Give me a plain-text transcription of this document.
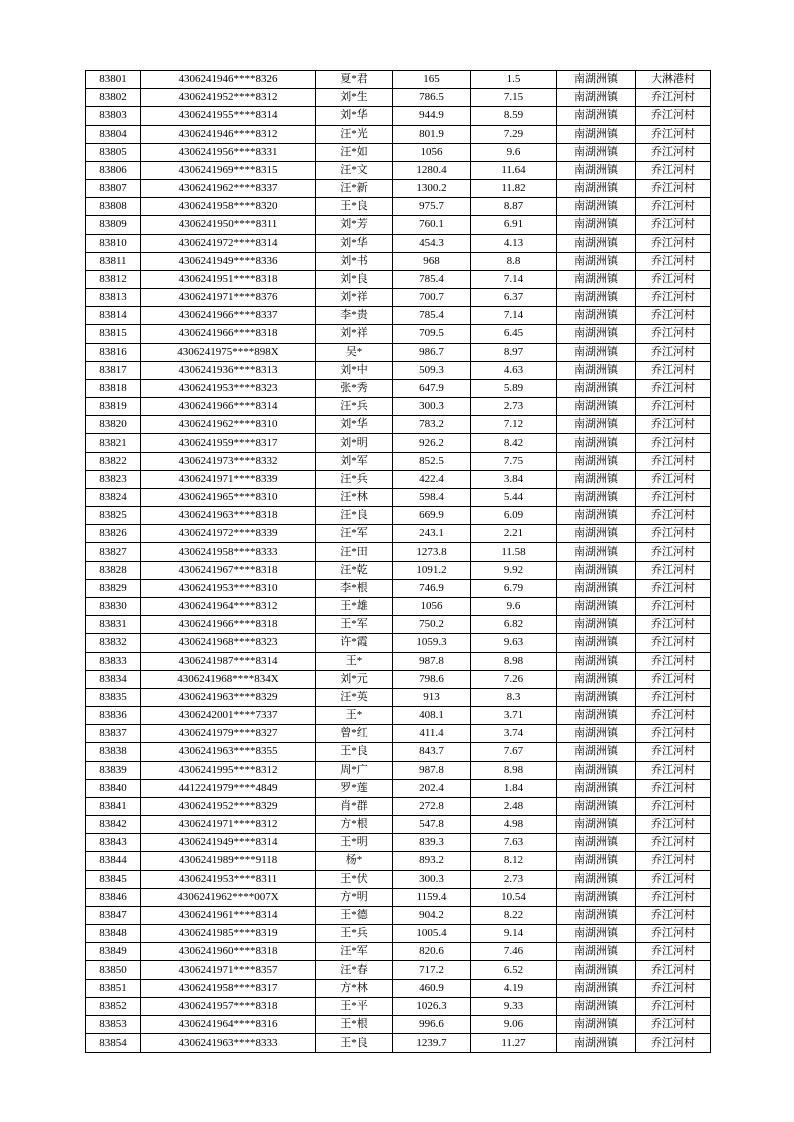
83801	4306241946****8326	夏*君	165	1.5	南湖洲镇	大淋港村
83802	4306241952****8312	刘*生	786.5	7.15	南湖洲镇	乔江河村
83803	4306241955****8314	刘*华	944.9	8.59	南湖洲镇	乔江河村
83804	4306241946****8312	汪*光	801.9	7.29	南湖洲镇	乔江河村
83805	4306241956****8331	汪*如	1056	9.6	南湖洲镇	乔江河村
83806	4306241969****8315	汪*文	1280.4	11.64	南湖洲镇	乔江河村
83807	4306241962****8337	汪*新	1300.2	11.82	南湖洲镇	乔江河村
83808	4306241958****8320	王*良	975.7	8.87	南湖洲镇	乔江河村
83809	4306241950****8311	刘*芳	760.1	6.91	南湖洲镇	乔江河村
83810	4306241972****8314	刘*华	454.3	4.13	南湖洲镇	乔江河村
83811	4306241949****8336	刘*书	968	8.8	南湖洲镇	乔江河村
83812	4306241951****8318	刘*良	785.4	7.14	南湖洲镇	乔江河村
83813	4306241971****8376	刘*祥	700.7	6.37	南湖洲镇	乔江河村
83814	4306241966****8337	李*贵	785.4	7.14	南湖洲镇	乔江河村
83815	4306241966****8318	刘*祥	709.5	6.45	南湖洲镇	乔江河村
83816	4306241975****898X	吴*	986.7	8.97	南湖洲镇	乔江河村
83817	4306241936****8313	刘*中	509.3	4.63	南湖洲镇	乔江河村
83818	4306241953****8323	张*秀	647.9	5.89	南湖洲镇	乔江河村
83819	4306241966****8314	汪*兵	300.3	2.73	南湖洲镇	乔江河村
83820	4306241962****8310	刘*华	783.2	7.12	南湖洲镇	乔江河村
83821	4306241959****8317	刘*明	926.2	8.42	南湖洲镇	乔江河村
83822	4306241973****8332	刘*军	852.5	7.75	南湖洲镇	乔江河村
83823	4306241971****8339	汪*兵	422.4	3.84	南湖洲镇	乔江河村
83824	4306241965****8310	汪*林	598.4	5.44	南湖洲镇	乔江河村
83825	4306241963****8318	汪*良	669.9	6.09	南湖洲镇	乔江河村
83826	4306241972****8339	汪*军	243.1	2.21	南湖洲镇	乔江河村
83827	4306241958****8333	汪*田	1273.8	11.58	南湖洲镇	乔江河村
83828	4306241967****8318	汪*乾	1091.2	9.92	南湖洲镇	乔江河村
83829	4306241953****8310	李*根	746.9	6.79	南湖洲镇	乔江河村
83830	4306241964****8312	王*雄	1056	9.6	南湖洲镇	乔江河村
83831	4306241966****8318	王*军	750.2	6.82	南湖洲镇	乔江河村
83832	4306241968****8323	许*霞	1059.3	9.63	南湖洲镇	乔江河村
83833	4306241987****8314	王*	987.8	8.98	南湖洲镇	乔江河村
83834	4306241968****834X	刘*元	798.6	7.26	南湖洲镇	乔江河村
83835	4306241963****8329	汪*英	913	8.3	南湖洲镇	乔江河村
83836	4306242001****7337	王*	408.1	3.71	南湖洲镇	乔江河村
83837	4306241979****8327	曾*红	411.4	3.74	南湖洲镇	乔江河村
83838	4306241963****8355	王*良	843.7	7.67	南湖洲镇	乔江河村
83839	4306241995****8312	周*广	987.8	8.98	南湖洲镇	乔江河村
83840	4412241979****4849	罗*莲	202.4	1.84	南湖洲镇	乔江河村
83841	4306241952****8329	肖*群	272.8	2.48	南湖洲镇	乔江河村
83842	4306241971****8312	方*根	547.8	4.98	南湖洲镇	乔江河村
83843	4306241949****8314	王*明	839.3	7.63	南湖洲镇	乔江河村
83844	4306241989****9118	杨*	893.2	8.12	南湖洲镇	乔江河村
83845	4306241953****8311	王*伏	300.3	2.73	南湖洲镇	乔江河村
83846	4306241962****007X	方*明	1159.4	10.54	南湖洲镇	乔江河村
83847	4306241961****8314	王*德	904.2	8.22	南湖洲镇	乔江河村
83848	4306241985****8319	王*兵	1005.4	9.14	南湖洲镇	乔江河村
83849	4306241960****8318	汪*军	820.6	7.46	南湖洲镇	乔江河村
83850	4306241971****8357	汪*春	717.2	6.52	南湖洲镇	乔江河村
83851	4306241958****8317	方*林	460.9	4.19	南湖洲镇	乔江河村
83852	4306241957****8318	王*平	1026.3	9.33	南湖洲镇	乔江河村
83853	4306241964****8316	王*根	996.6	9.06	南湖洲镇	乔江河村
83854	4306241963****8333	王*良	1239.7	11.27	南湖洲镇	乔江河村
